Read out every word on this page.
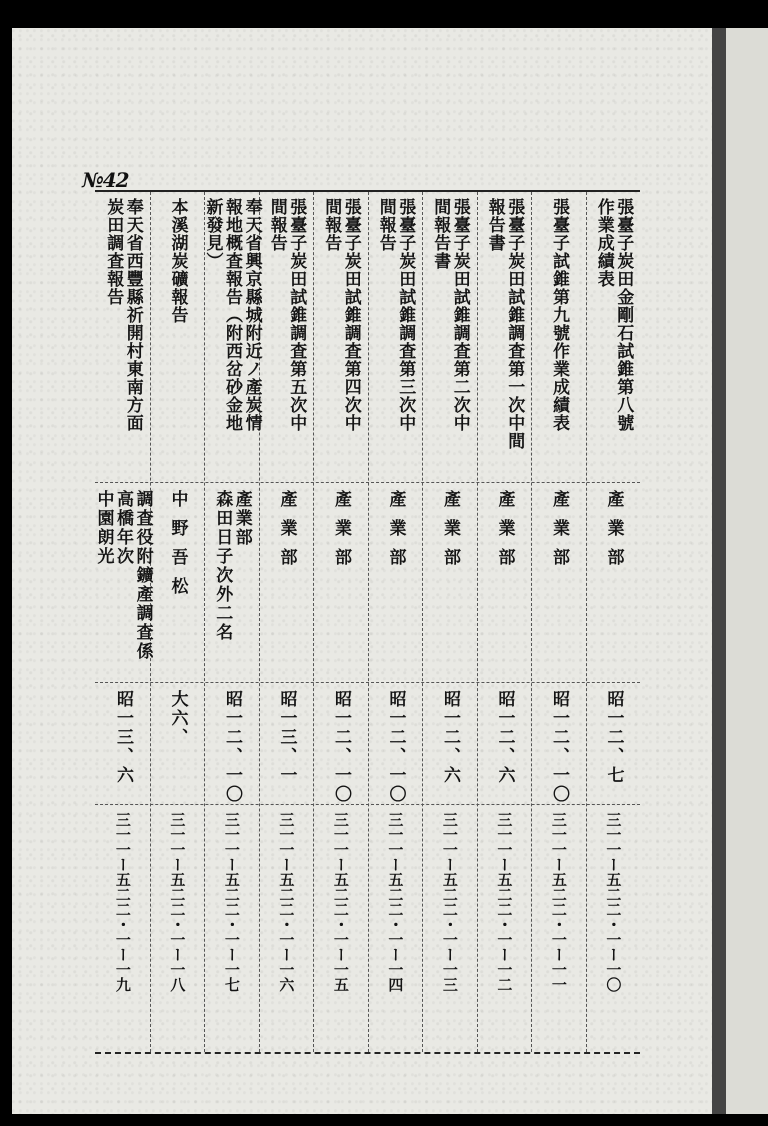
№42
張臺子炭田金剛石試錐第八號
作業成績表
產業部
昭一二、七
三一一ー五二二・一ー一〇
張臺子試錐第九號作業成績表
產業部
昭一二、一〇
三一一ー五二二・一ー一一
張臺子炭田試錐調査第一次中間
報告書
產業部
昭一二、六
三一一ー五二二・一ー一二
張臺子炭田試錐調査第二次中
間報告書
產業部
昭一二、六
三一一ー五二二・一ー一三
張臺子炭田試錐調査第三次中
間報告
產業部
昭一二、一〇
三一一ー五二二・一ー一四
張臺子炭田試錐調査第四次中
間報告
產業部
昭一二、一〇
三一一ー五二二・一ー一五
張臺子炭田試錐調査第五次中
間報告
產業部
昭一三、一
三一一ー五二二・一ー一六
奉天省興京縣城附近ノ產炭情
報地概査報告（附西岔砂金地
新發見）
產業部
森田日子次外二名
昭一二、一〇
三一一ー五二二・一ー一七
本溪湖炭礦報告
中野吾松
大六、
三一一ー五二二・一ー一八
奉天省西豐縣祈開村東南方面
炭田調査報告
調査役附鑛產調査係
高橋年次
中園朗光
昭一三、六
三一一ー五二二・一ー一九
